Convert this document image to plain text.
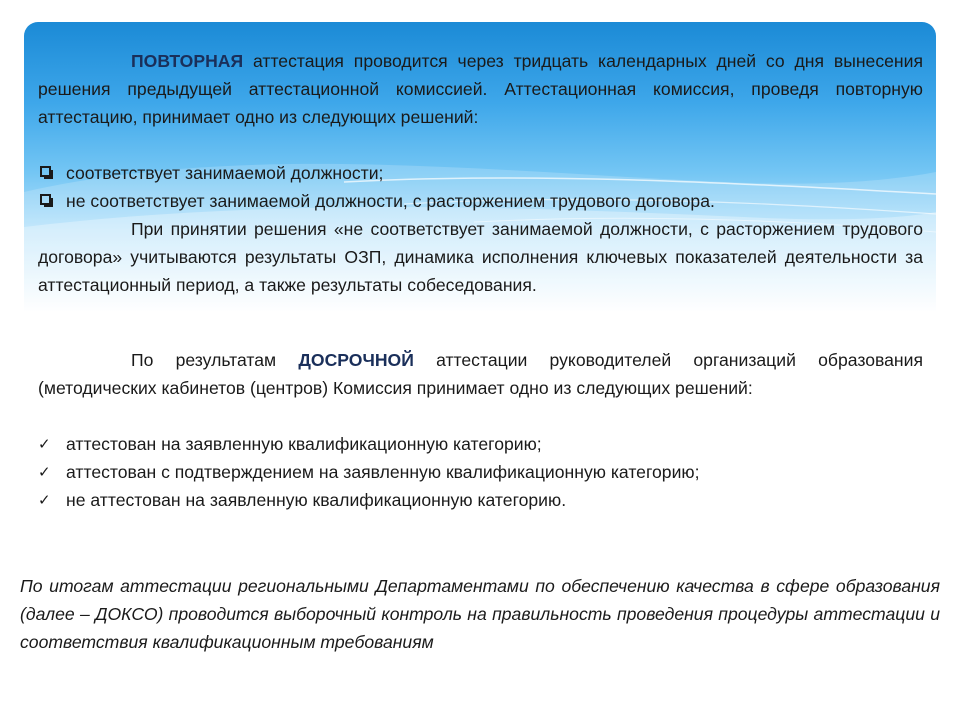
ПОВТОРНАЯ аттестация проводится через тридцать календарных дней со дня вынесения решения предыдущей аттестационной комиссией. Аттестационная комиссия, проведя повторную аттестацию, принимает одно из следующих решений:

соответствует занимаемой должности;
не соответствует занимаемой должности, с расторжением трудового договора.

При принятии решения «не соответствует занимаемой должности, с расторжением трудового договора» учитываются результаты ОЗП, динамика исполнения ключевых показателей деятельности за аттестационный период, а также результаты собеседования.

По результатам ДОСРОЧНОЙ аттестации руководителей организаций образования (методических кабинетов (центров) Комиссия принимает одно из следующих решений:

✓ аттестован на заявленную квалификационную категорию;
✓ аттестован с подтверждением на заявленную квалификационную категорию;
✓ не аттестован на заявленную квалификационную категорию.

По итогам аттестации региональными Департаментами по обеспечению качества в сфере образования (далее – ДОКСО) проводится выборочный контроль на правильность проведения процедуры аттестации и соответствия квалификационным требованиям
